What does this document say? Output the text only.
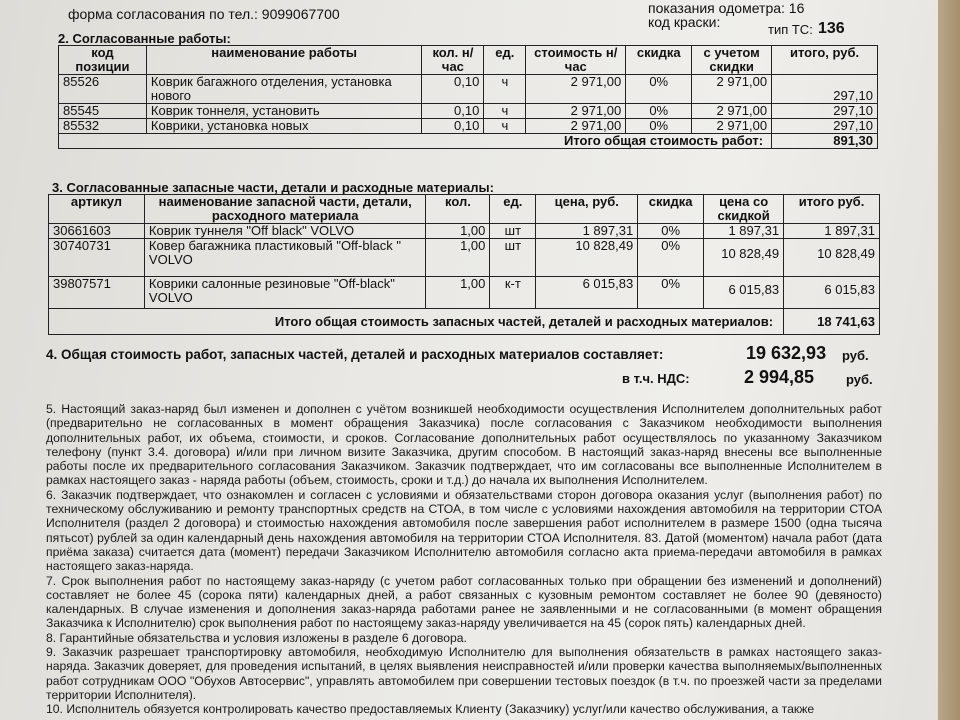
форма согласования по тел.: 9099067700	показания одометра: 16
код краски:	тип ТС: 136
2. Согласованные работы:
код позиции	наименование работы	кол. н/час	ед.	стоимость н/час	скидка	с учетом скидки	итого, руб.
85526	Коврик багажного отделения, установка нового	0,10	ч	2 971,00	0%	2 971,00	297,10
85545	Коврик тоннеля, установить	0,10	ч	2 971,00	0%	2 971,00	297,10
85532	Коврики, установка новых	0,10	ч	2 971,00	0%	2 971,00	297,10
Итого общая стоимость работ:							891,30
3. Согласованные запасные части, детали и расходные материалы:
артикул	наименование запасной части, детали, расходного материала	кол.	ед.	цена, руб.	скидка	цена со скидкой	итого руб.
30661603	Коврик туннеля "Off black" VOLVO	1,00	шт	1 897,31	0%	1 897,31	1 897,31
30740731	Ковер багажника пластиковый "Off-black " VOLVO	1,00	шт	10 828,49	0%	10 828,49	10 828,49
39807571	Коврики салонные резиновые "Off-black" VOLVO	1,00	к-т	6 015,83	0%	6 015,83	6 015,83
Итого общая стоимость запасных частей, деталей и расходных материалов:							18 741,63
4. Общая стоимость работ, запасных частей, деталей и расходных материалов составляет:	19 632,93 руб.
в т.ч. НДС:	2 994,85 руб.

5. Настоящий заказ-наряд был изменен и дополнен с учётом возникшей необходимости осуществления Исполнителем дополнительных работ (предварительно не согласованных в момент обращения Заказчика) после согласования с Заказчиком необходимости выполнения дополнительных работ, их объема, стоимости, и сроков. Согласование дополнительных работ осуществлялось по указанному Заказчиком телефону (пункт 3.4. договора) и/или при личном визите Заказчика, другим способом. В настоящий заказ-наряд внесены все выполненные работы после их предварительного согласования Заказчиком. Заказчик подтверждает, что им согласованы все выполненные Исполнителем в рамках настоящего заказ - наряда работы (объем, стоимость, сроки и т.д.) до начала их выполнения Исполнителем.

6. Заказчик подтверждает, что ознакомлен и согласен с условиями и обязательствами сторон договора оказания услуг (выполнения работ) по техническому обслуживанию и ремонту транспортных средств на СТОА, в том числе с условиями нахождения автомобиля на территории СТОА Исполнителя (раздел 2 договора) и стоимостью нахождения автомобиля после завершения работ исполнителем в размере 1500 (одна тысяча пятьсот) рублей за один календарный день нахождения автомобиля на территории СТОА Исполнителя. 83. Датой (моментом) начала работ (дата приёма заказа) считается дата (момент) передачи Заказчиком Исполнителю автомобиля согласно акта приема-передачи автомобиля в рамках настоящего заказ-наряда.

7. Срок выполнения работ по настоящему заказ-наряду (с учетом работ согласованных только при обращении без изменений и дополнений) составляет не более 45 (сорока пяти) календарных дней, а работ связанных с кузовным ремонтом составляет не более 90 (девяносто) календарных. В случае изменения и дополнения заказ-наряда работами ранее не заявленными и не согласованными (в момент обращения Заказчика к Исполнителю) срок выполнения работ по настоящему заказ-наряду увеличивается на 45 (сорок пять) календарных дней.

8. Гарантийные обязательства и условия изложены в разделе 6 договора.

9. Заказчик разрешает транспортировку автомобиля, необходимую Исполнителю для выполнения обязательств в рамках настоящего заказ-наряда. Заказчик доверяет, для проведения испытаний, в целях выявления неисправностей и/или проверки качества выполняемых/выполненных работ сотрудникам ООО "Обухов Автосервис", управлять автомобилем при совершении тестовых поездок (в т.ч. по проезжей части за пределами территории Исполнителя).

10. Исполнитель обязуется контролировать качество предоставляемых Клиенту (Заказчику) услуг/или качество обслуживания, а также
